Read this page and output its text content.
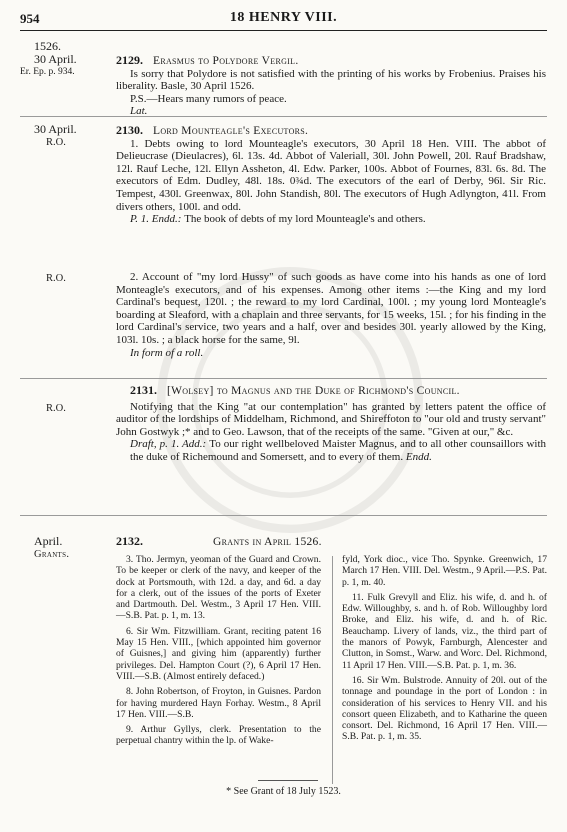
954	18 HENRY VIII.
1526.
30 April.
Er. Ep. p. 934.
2129. Erasmus to Polydore Vergil.
Is sorry that Polydore is not satisfied with the printing of his works by Frobenius. Praises his liberality. Basle, 30 April 1526.
P.S.—Hears many rumors of peace.
Lat.
30 April.
R.O.
2130. Lord Mounteagle's Executors.
1. Debts owing to lord Mounteagle's executors, 30 April 18 Hen. VIII. The abbot of Delieucrase (Dieulacres), 6l. 13s. 4d. Abbot of Valeriall, 30l. John Powell, 20l. Rauf Bradshaw, 12l. Rauf Leche, 12l. Ellyn Assheton, 4l. Edw. Parker, 100s. Abbot of Fournes, 83l. 6s. 8d. The executors of Edm. Dudley, 48l. 18s. 0¾d. The executors of the earl of Derby, 96l. Sir Ric. Tempest, 430l. Greenwax, 80l. John Standish, 80l. The executors of Hugh Adlyngton, 41l. From divers others, 100l. and odd.
P. 1. Endd.: The book of debts of my lord Mounteagle's and others.
R.O.	2. Account of "my lord Hussy" of such goods as have come into his hands as one of lord Monteagle's executors, and of his expenses. Among other items :—the King and my lord Cardinal's bequest, 120l. ; the reward to my lord Cardinal, 100l. ; my young lord Monteagle's boarding at Sleaford, with a chaplain and three servants, for 15 weeks, 15l. ; for his finding in the lord Cardinal's service, two years and a half, over and besides 30l. yearly allowed by the King, 103l. 10s. ; a black horse for the same, 9l.
In form of a roll.
R.O.
2131. [Wolsey] to Magnus and the Duke of Richmond's Council.
Notifying that the King "at our contemplation" has granted by letters patent the office of auditor of the lordships of Middelham, Richmond, and Shireffoton to "our old and trusty servant" John Gostwyk ;* and to Geo. Lawson, that of the receipts of the same. "Given at our," &c.
Draft, p. 1. Add.: To our right wellbeloved Maister Magnus, and to all other counsaillors with the duke of Richemound and Somersett, and to every of them. Endd.
April.
Grants.
2132.	Grants in April 1526.

3. Tho. Jermyn, yeoman of the Guard and Crown. To be keeper or clerk of the navy, and keeper of the dock at Portsmouth, with 12d. a day, and 6d. a day for a clerk, out of the issues of the ports of Exeter and Dartmouth. Del. Westm., 3 April 17 Hen. VIII.—S.B. Pat. p. 1, m. 13.

6. Sir Wm. Fitzwilliam. Grant, reciting patent 16 May 15 Hen. VIII., [which appointed him governor of Guisnes,] and giving him (apparently) further privileges. Del. Hampton Court (?), 6 April 17 Hen. VIII.—S.B. (Almost entirely defaced.)

8. John Robertson, of Froyton, in Guisnes. Pardon for having murdered Hayn Forhay. Westm., 8 April 17 Hen. VIII.—S.B.

9. Arthur Gyllys, clerk. Presentation to the perpetual chantry within the lp. of Wake-

fyld, York dioc., vice Tho. Spynke. Greenwich, 17 March 17 Hen. VIII. Del. Westm., 9 April.—P.S. Pat. p. 1, m. 40.

11. Fulk Grevyll and Eliz. his wife, d. and h. of Edw. Willoughby, s. and h. of Rob. Willoughby lord Broke, and Eliz. his wife, d. and h. of Ric. Beauchamp. Livery of lands, viz., the third part of the manors of Powyk, Farnburgh, Alencester and Clutton, in Somst., Warw. and Worc. Del. Richmond, 11 April 17 Hen. VIII.—S.B. Pat. p. 1, m. 36.

16. Sir Wm. Bulstrode. Annuity of 20l. out of the tonnage and poundage in the port of London : in consideration of his services to Henry VII. and his consort queen Elizabeth, and to Katharine the queen consort. Del. Richmond, 16 April 17 Hen. VIII.—S.B. Pat. p. 1, m. 35.

* See Grant of 18 July 1523.
